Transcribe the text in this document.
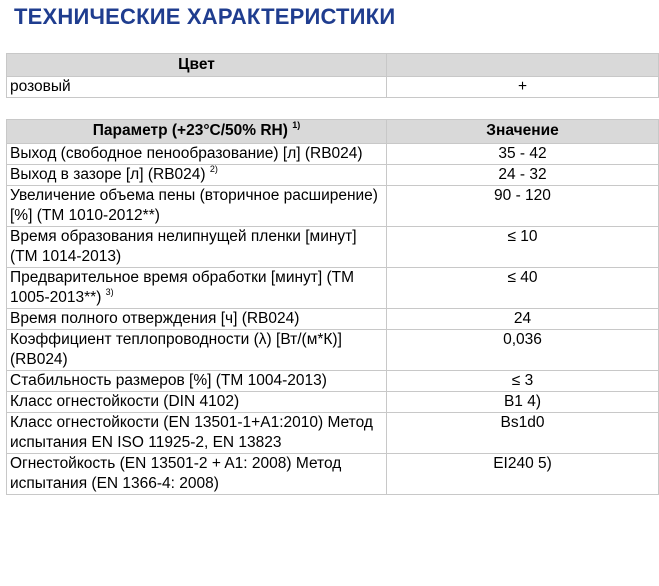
ТЕХНИЧЕСКИЕ ХАРАКТЕРИСТИКИ
Цвет	
розовый	+
Параметр (+23°C/50% RH) $^{1)}$	Значение
Выход (свободное пенообразование) [л] (RB024)	35 - 42
Выход в зазоре [л] (RB024) $^{2)}$	24 - 32
Увеличение объема пены (вторичное расширение) [%] (TM 1010-2012**)	90 - 120
Время образования нелипнущей пленки [минут] (TM 1014-2013)	≤ 10
Предварительное время обработки [минут] (TM 1005-2013**) $^{3)}$	≤ 40
Время полного отверждения [ч] (RB024)	24
Коэффициент теплопроводности (λ) [Вт/(м*К)] (RB024)	0,036
Стабильность размеров [%] (TM 1004-2013)	≤ 3
Класс огнестойкости (DIN 4102)	B1 4)
Класс огнестойкости (EN 13501-1+A1:2010) Метод испытания EN ISO 11925-2, EN 13823	Bs1d0
Огнестойкость (EN 13501-2 + A1: 2008) Метод испытания (EN 1366-4: 2008)	EI240 5)
